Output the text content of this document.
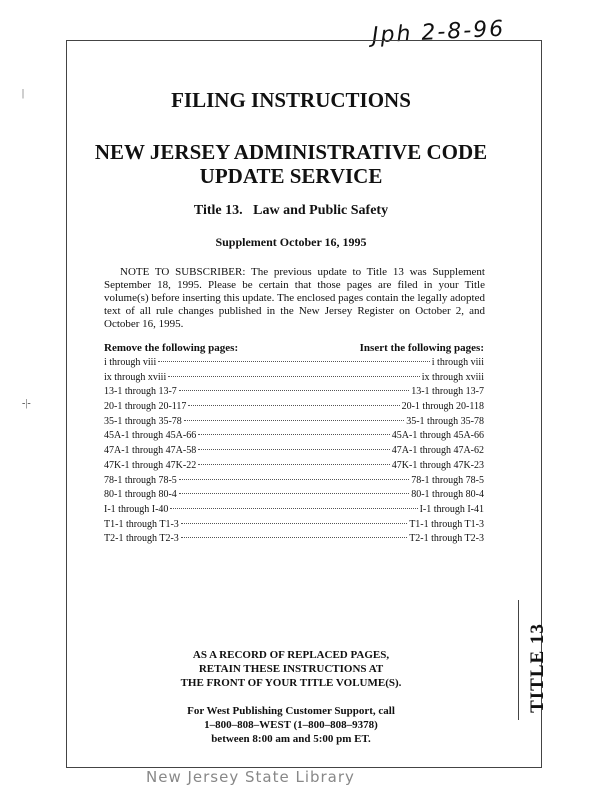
Jph 2-8-96
|
-|-
TITLE 13
FILING INSTRUCTIONS
NEW JERSEY ADMINISTRATIVE CODE
UPDATE SERVICE
Title 13.   Law and Public Safety
Supplement October 16, 1995
NOTE TO SUBSCRIBER: The previous update to Title 13 was Supplement September 18, 1995. Please be certain that those pages are filed in your Title volume(s) before inserting this update. The enclosed pages contain the legally adopted text of all rule changes published in the New Jersey Register on October 2, and October 16, 1995.
Remove the following pages:	Insert the following pages:
i through viii	i through viii
ix through xviii	ix through xviii
13-1 through 13-7	13-1 through 13-7
20-1 through 20-117	20-1 through 20-118
35-1 through 35-78	35-1 through 35-78
45A-1 through 45A-66	45A-1 through 45A-66
47A-1 through 47A-58	47A-1 through 47A-62
47K-1 through 47K-22	47K-1 through 47K-23
78-1 through 78-5	78-1 through 78-5
80-1 through 80-4	80-1 through 80-4
I-1 through I-40	I-1 through I-41
T1-1 through T1-3	T1-1 through T1-3
T2-1 through T2-3	T2-1 through T2-3
AS A RECORD OF REPLACED PAGES,
RETAIN THESE INSTRUCTIONS AT
THE FRONT OF YOUR TITLE VOLUME(S).
For West Publishing Customer Support, call
1–800–808–WEST (1–800–808–9378)
between 8:00 am and 5:00 pm ET.
New Jersey State Library
